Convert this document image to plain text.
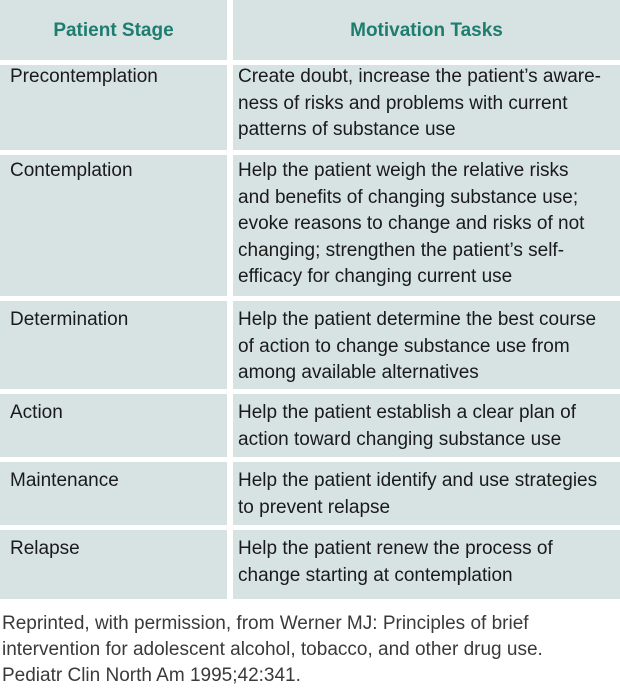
Patient Stage	Motivation Tasks
Precontemplation	Create doubt, increase the patient’s aware-
ness of risks and problems with current
patterns of substance use
Contemplation	Help the patient weigh the relative risks
and benefits of changing substance use;
evoke reasons to change and risks of not
changing; strengthen the patient’s self-
efficacy for changing current use
Determination	Help the patient determine the best course
of action to change substance use from
among available alternatives
Action	Help the patient establish a clear plan of
action toward changing substance use
Maintenance	Help the patient identify and use strategies
to prevent relapse
Relapse	Help the patient renew the process of
change starting at contemplation
Reprinted, with permission, from Werner MJ: Principles of brief
intervention for adolescent alcohol, tobacco, and other drug use.
Pediatr Clin North Am 1995;42:341.
